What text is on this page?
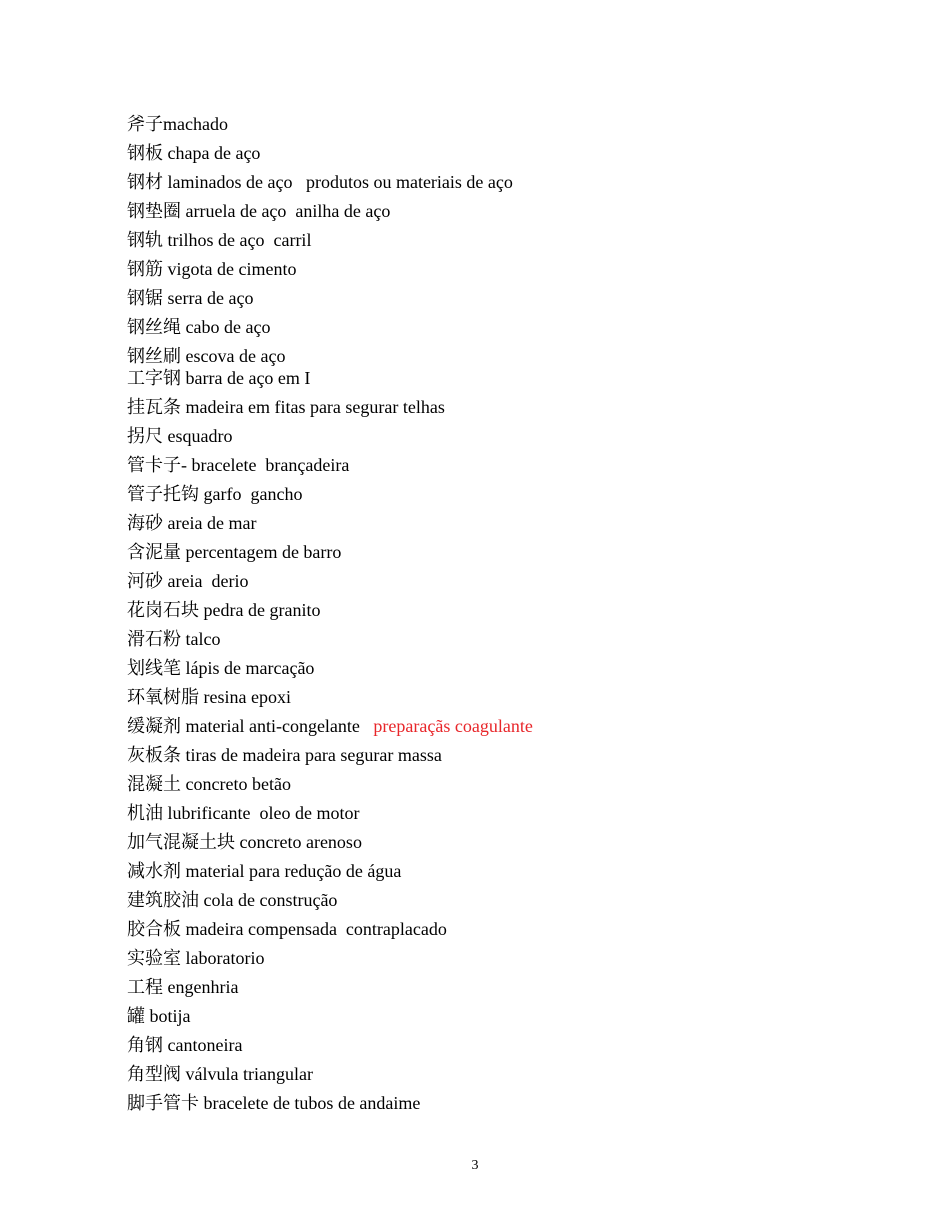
斧子machado
钢板 chapa de aço
钢材 laminados de aço   produtos ou materiais de aço
钢垫圈 arruela de aço  anilha de aço
钢轨 trilhos de aço  carril
钢筋 vigota de cimento
钢锯 serra de aço
钢丝绳 cabo de aço
钢丝刷 escova de aço
工字钢 barra de aço em I
挂瓦条 madeira em fitas para segurar telhas
拐尺 esquadro
管卡子- bracelete  brançadeira
管子托钩 garfo  gancho
海砂 areia de mar
含泥量 percentagem de barro
河砂 areia  derio
花岗石块 pedra de granito
滑石粉 talco
划线笔 lápis de marcação
环氧树脂 resina epoxi
缓凝剂 material anti-congelante   preparaçãs coagulante
灰板条 tiras de madeira para segurar massa
混凝土 concreto betão
机油 lubrificante  oleo de motor
加气混凝土块 concreto arenoso
减水剂 material para redução de água
建筑胶油 cola de construção
胶合板 madeira compensada  contraplacado
实验室 laboratorio
工程 engenhria
罐 botija
角钢 cantoneira
角型阀 válvula triangular
脚手管卡 bracelete de tubos de andaime
3
